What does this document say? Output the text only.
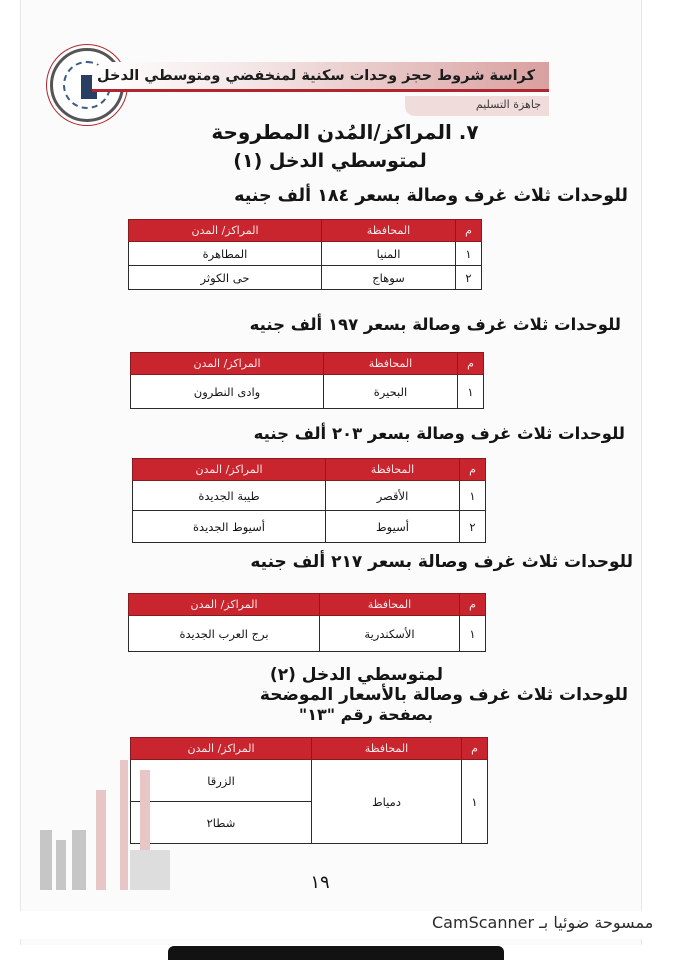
كراسة شروط حجز وحدات سكنية لمنخفضي ومتوسطي الدخل
جاهزة التسليم
٧. المراكز/المُدن المطروحة
لمتوسطي الدخل (١)
للوحدات ثلاث غرف وصالة بسعر ١٨٤ ألف جنيه
م	المحافظة	المراكز/ المدن
١	المنيا	المطاهرة
٢	سوهاج	حى الكوثر
للوحدات ثلاث غرف وصالة بسعر ١٩٧ ألف جنيه
م	المحافظة	المراكز/ المدن
١	البحيرة	وادى النطرون
للوحدات ثلاث غرف وصالة بسعر ٢٠٣ ألف جنيه
م	المحافظة	المراكز/ المدن
١	الأقصر	طيبة الجديدة
٢	أسيوط	أسيوط الجديدة
للوحدات ثلاث غرف وصالة بسعر ٢١٧ ألف جنيه
م	المحافظة	المراكز/ المدن
١	الأسكندرية	برج العرب الجديدة
لمتوسطي الدخل (٢)
للوحدات ثلاث غرف وصالة بالأسعار الموضحة
بصفحة رقم "١٣"
م	المحافظة	المراكز/ المدن
١	دمياط	الزرقا
		شطا٢
١٩
CamScanner ممسوحة ضوئيا بـ
